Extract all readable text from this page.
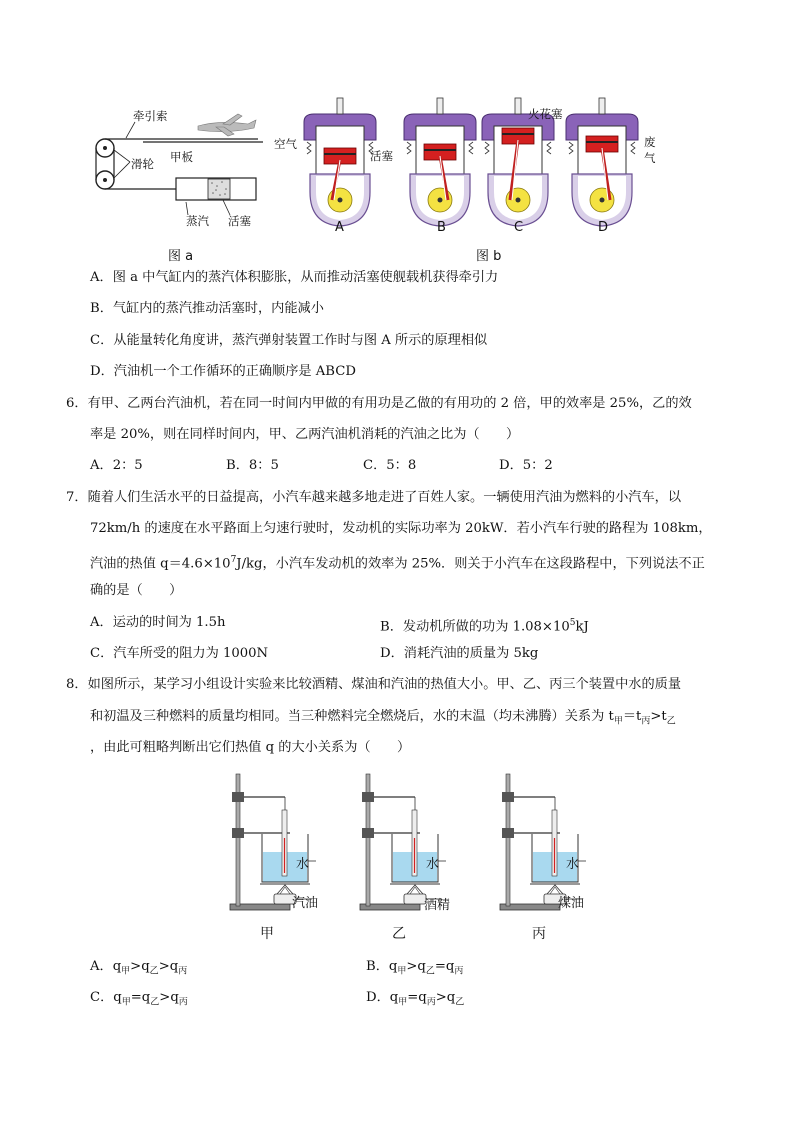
牵引索
滑轮 甲板
蒸汽 活塞
图 a
空气
活塞
火花塞
废
气
A	B	C	D
图 b
A．图 a 中气缸内的蒸汽体积膨胀，从而推动活塞使舰载机获得牵引力
B．气缸内的蒸汽推动活塞时，内能减小
C．从能量转化角度讲，蒸汽弹射装置工作时与图 A 所示的原理相似
D．汽油机一个工作循环的正确顺序是 ABCD
6．有甲、乙两台汽油机，若在同一时间内甲做的有用功是乙做的有用功的 2 倍，甲的效率是 25%，乙的效
率是 20%，则在同样时间内，甲、乙两汽油机消耗的汽油之比为（　　）
A．2：5	B．8：5	C．5：8	D．5：2
7．随着人们生活水平的日益提高，小汽车越来越多地走进了百姓人家。一辆使用汽油为燃料的小汽车，以
72km/h 的速度在水平路面上匀速行驶时，发动机的实际功率为 20kW．若小汽车行驶的路程为 108km，
汽油的热值 $q=4.6\times 10^7J/kg$，小汽车发动机的效率为 25%．则关于小汽车在这段路程中，下列说法不正
确的是（　　）
A．运动的时间为 1.5h	B．发动机所做的功为 $1.08\times 10^5kJ$
C．汽车所受的阻力为 1000N	D．消耗汽油的质量为 5kg
8．如图所示，某学习小组设计实验来比较酒精、煤油和汽油的热值大小。甲、乙、丙三个装置中水的质量
和初温及三种燃料的质量均相同。当三种燃料完全燃烧后，水的末温（均未沸腾）关系为 $t_甲=t_丙>t_乙$
，由此可粗略判断出它们热值 q 的大小关系为（　　）
水
汽油
水
酒精
水
煤油
甲	乙	丙
A．$q_甲>q_乙>q_丙$	B．$q_甲>q_乙=q_丙$
C．$q_甲=q_乙>q_丙$	D．$q_甲=q_丙>q_乙$
